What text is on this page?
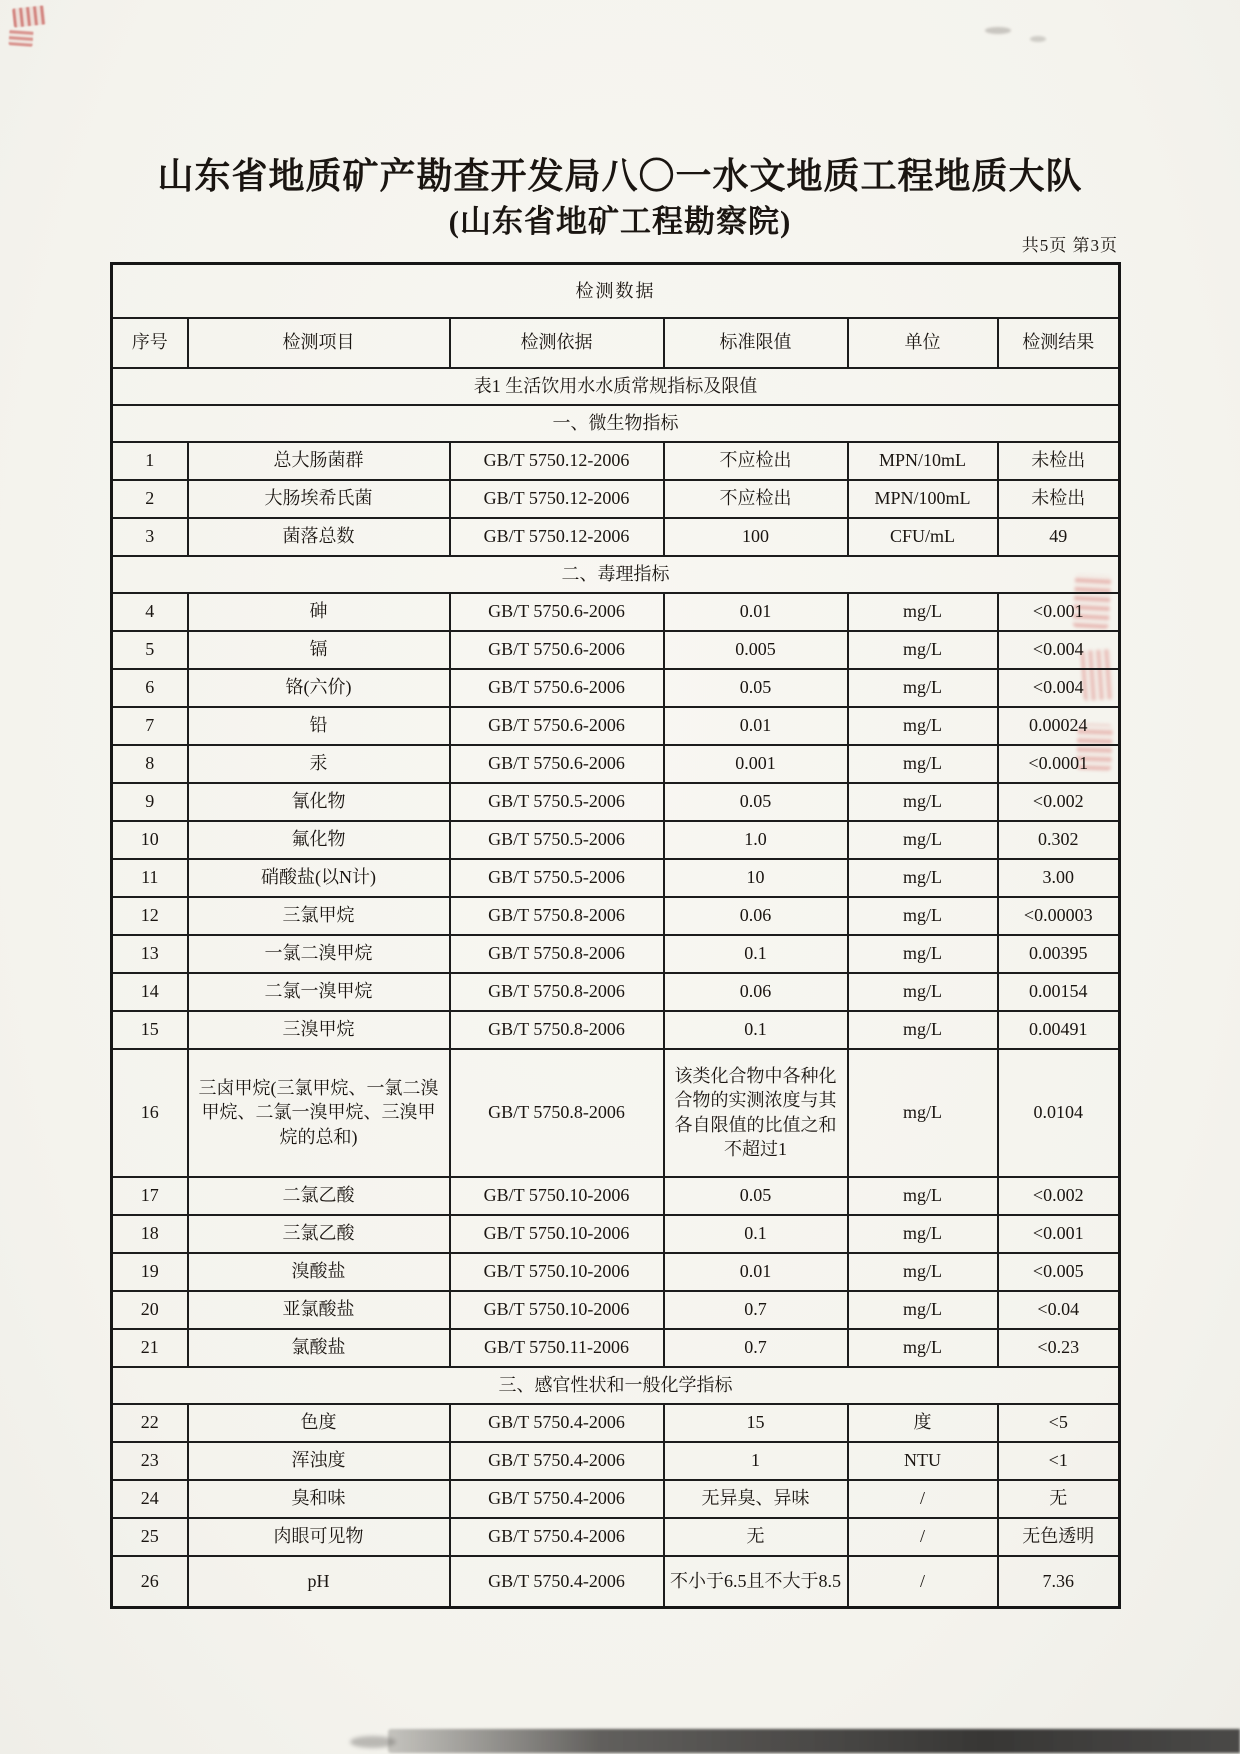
山东省地质矿产勘查开发局八〇一水文地质工程地质大队
(山东省地矿工程勘察院)
共5页 第3页
检测数据					
序号	检测项目	检测依据	标准限值	单位	检测结果
表1 生活饮用水水质常规指标及限值					
一、微生物指标					
1	总大肠菌群	GB/T 5750.12-2006	不应检出	MPN/10mL	未检出
2	大肠埃希氏菌	GB/T 5750.12-2006	不应检出	MPN/100mL	未检出
3	菌落总数	GB/T 5750.12-2006	100	CFU/mL	49
二、毒理指标					
4	砷	GB/T 5750.6-2006	0.01	mg/L	<0.001
5	镉	GB/T 5750.6-2006	0.005	mg/L	<0.004
6	铬(六价)	GB/T 5750.6-2006	0.05	mg/L	<0.004
7	铅	GB/T 5750.6-2006	0.01	mg/L	0.00024
8	汞	GB/T 5750.6-2006	0.001	mg/L	<0.0001
9	氰化物	GB/T 5750.5-2006	0.05	mg/L	<0.002
10	氟化物	GB/T 5750.5-2006	1.0	mg/L	0.302
11	硝酸盐(以N计)	GB/T 5750.5-2006	10	mg/L	3.00
12	三氯甲烷	GB/T 5750.8-2006	0.06	mg/L	<0.00003
13	一氯二溴甲烷	GB/T 5750.8-2006	0.1	mg/L	0.00395
14	二氯一溴甲烷	GB/T 5750.8-2006	0.06	mg/L	0.00154
15	三溴甲烷	GB/T 5750.8-2006	0.1	mg/L	0.00491
16	三卤甲烷(三氯甲烷、一氯二溴甲烷、二氯一溴甲烷、三溴甲烷的总和)	GB/T 5750.8-2006	该类化合物中各种化合物的实测浓度与其各自限值的比值之和不超过1	mg/L	0.0104
17	二氯乙酸	GB/T 5750.10-2006	0.05	mg/L	<0.002
18	三氯乙酸	GB/T 5750.10-2006	0.1	mg/L	<0.001
19	溴酸盐	GB/T 5750.10-2006	0.01	mg/L	<0.005
20	亚氯酸盐	GB/T 5750.10-2006	0.7	mg/L	<0.04
21	氯酸盐	GB/T 5750.11-2006	0.7	mg/L	<0.23
三、感官性状和一般化学指标					
22	色度	GB/T 5750.4-2006	15	度	<5
23	浑浊度	GB/T 5750.4-2006	1	NTU	<1
24	臭和味	GB/T 5750.4-2006	无异臭、异味	/	无
25	肉眼可见物	GB/T 5750.4-2006	无	/	无色透明
26	pH	GB/T 5750.4-2006	不小于6.5且不大于8.5	/	7.36
